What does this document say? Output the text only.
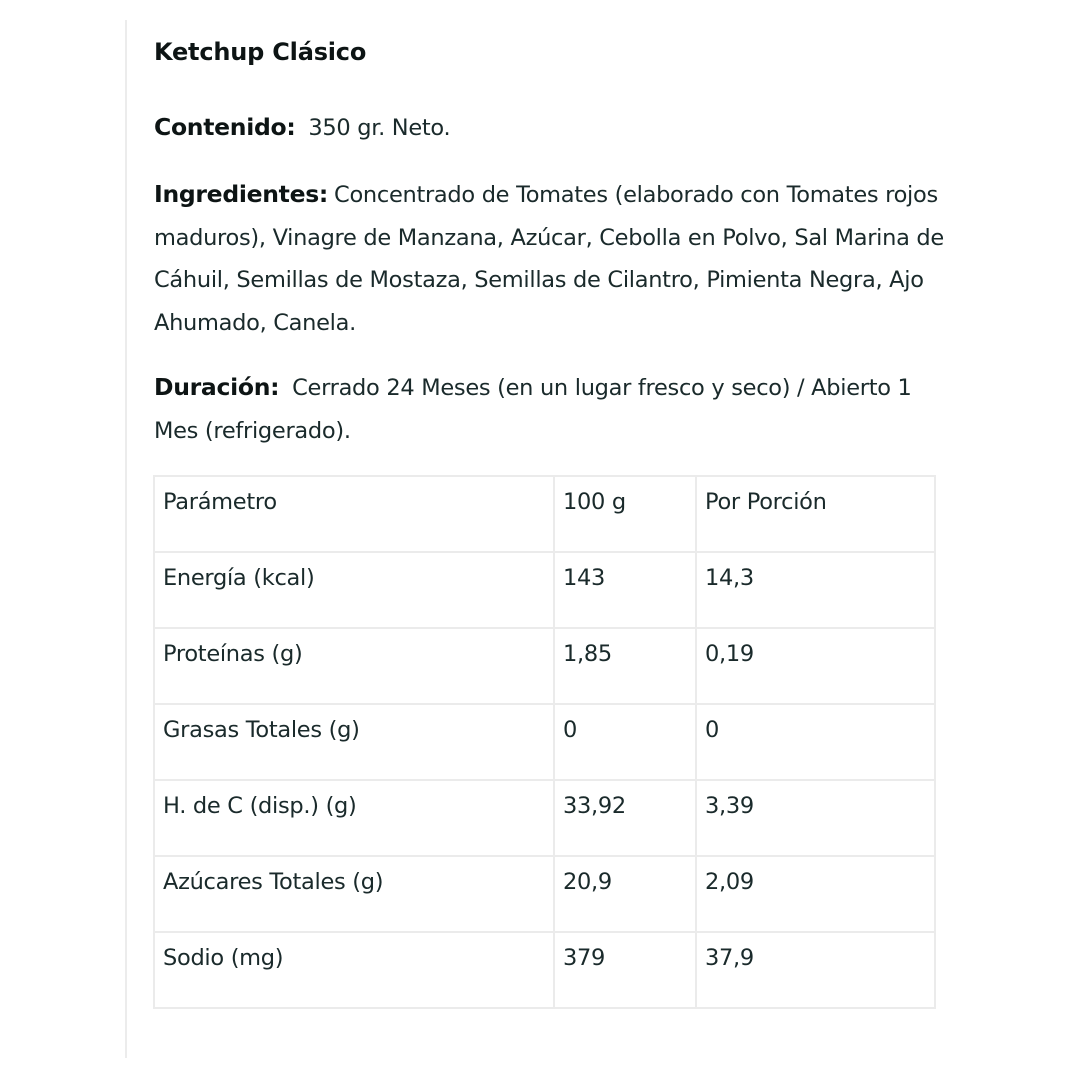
Ketchup Clásico
Contenido: 350 gr. Neto.
Ingredientes: Concentrado de Tomates (elaborado con Tomates rojos maduros), Vinagre de Manzana, Azúcar, Cebolla en Polvo, Sal Marina de Cáhuil, Semillas de Mostaza, Semillas de Cilantro, Pimienta Negra, Ajo Ahumado, Canela.
Duración: Cerrado 24 Meses (en un lugar fresco y seco) / Abierto 1 Mes (refrigerado).
Parámetro	100 g	Por Porción
Energía (kcal)	143	14,3
Proteínas (g)	1,85	0,19
Grasas Totales (g)	0	0
H. de C (disp.) (g)	33,92	3,39
Azúcares Totales (g)	20,9	2,09
Sodio (mg)	379	37,9
